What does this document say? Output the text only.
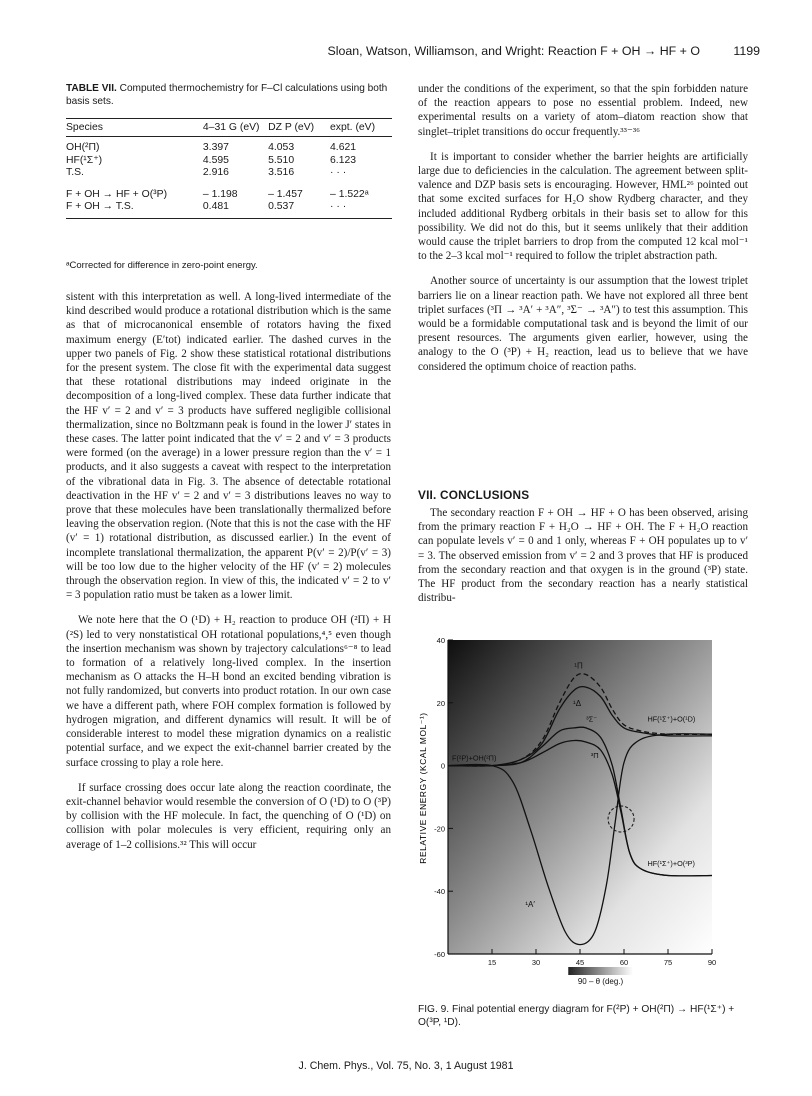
Sloan, Watson, Williamson, and Wright: Reaction F + OH → HF + O	1199
TABLE VII. Computed thermochemistry for F–Cl calculations using both basis sets.
Species	4–31 G (eV)	DZ P (eV)	expt. (eV)
OH(²Π)	3.397	4.053	4.621
HF(¹Σ⁺)	4.595	5.510	6.123
T.S.	2.916	3.516	· · ·
F + OH → HF + O(³P)	– 1.198	– 1.457	– 1.522ᵃ
F + OH → T.S.	0.481	0.537	· · ·
ᵃCorrected for difference in zero-point energy.

sistent with this interpretation as well. A long-lived intermediate of the kind described would produce a rotational distribution which is the same as that of microcanonical ensemble of rotators having the fixed maximum energy (E′tot) indicated earlier. The dashed curves in the upper two panels of Fig. 2 show these statistical rotational distributions for the present system. The close fit with the experimental data suggest that these rotational distributions may indeed originate in the decomposition of a long-lived complex. These data further indicate that the HF v′ = 2 and v′ = 3 products have suffered negligible collisional thermalization, since no Boltzmann peak is found in the lower J′ states in these cases. The latter point indicated that the v′ = 2 and v′ = 3 products were formed (on the average) in a lower pressure region than the v′ = 1 products, and it also suggests a caveat with respect to the interpretation of the vibrational data in Fig. 3. The absence of detectable rotational deactivation in the HF v′ = 2 and v′ = 3 distributions leaves no way to prove that these molecules have been translationally thermalized before leaving the observation region. (Note that this is not the case with the HF (v′ = 1) rotational distribution, as discussed earlier.) In the event of incomplete translational thermalization, the apparent P(v′ = 2)/P(v′ = 3) will be too low due to the higher velocity of the HF (v′ = 2) molecules through the observation region. In view of this, the indicated v′ = 2 to v′ = 3 population ratio must be taken as a lower limit.

We note here that the O (¹D) + H₂ reaction to produce OH (²Π) + H (²S) led to very nonstatistical OH rotational populations,⁴,⁵ even though the insertion mechanism was shown by trajectory calculations⁶⁻⁸ to lead to formation of a relatively long-lived complex. In the insertion mechanism as O attacks the H–H bond an excited bending vibration is not fully randomized, but converts into product rotation. In our own case we have a different path, where FOH complex formation is followed by hydrogen migration, and different dynamics will result. It will be of considerable interest to model these migration dynamics on a realistic potential surface, and we expect the exit-channel barrier created by the surface crossing to play a role here.

If surface crossing does occur late along the reaction coordinate, the exit-channel behavior would resemble the conversion of O (¹D) to O (³P) by collision with the HF molecule. In fact, the quenching of O (¹D) on collision with polar molecules is very efficient, requiring only an average of 1–2 collisions.³² This will occur

under the conditions of the experiment, so that the spin forbidden nature of the reaction appears to pose no essential problem. Indeed, new experimental results on a variety of atom–diatom reaction show that singlet–triplet transitions do occur frequently.³³⁻³⁶

It is important to consider whether the barrier heights are artificially large due to deficiencies in the calculation. The agreement between split-valence and DZP basis sets is encouraging. However, HML²⁶ pointed out that some excited surfaces for H₂O show Rydberg character, and they included additional Rydberg orbitals in their basis set to allow for this possibility. We did not do this, but it seems unlikely that their addition would cause the triplet barriers to drop from the computed 12 kcal mol⁻¹ to the 2–3 kcal mol⁻¹ required to follow the triplet abstraction path.

Another source of uncertainty is our assumption that the lowest triplet barriers lie on a linear reaction path. We have not explored all three bent triplet surfaces (³Π → ³A′ + ³A″, ³Σ⁻ → ³A″) to test this assumption. This would be a formidable computational task and is beyond the limit of our present resources. The arguments given earlier, however, using the analogy to the O (³P) + H₂ reaction, lead us to believe that we have considered the optimum choice of reaction paths.

VII. CONCLUSIONS

The secondary reaction F + OH → HF + O has been observed, arising from the primary reaction F + H₂O → HF + OH. The F + H₂O reaction can populate levels v′ = 0 and 1 only, whereas F + OH populates up to v′ = 3. The observed emission from v′ = 2 and 3 proves that HF is produced from the secondary reaction and that oxygen is in the ground (³P) state. The HF product from the secondary reaction has a nearly statistical distribu-

40
20
0
-20
-40
-60
15	30	45	60	75	90
90 – θ (deg.)
F(²P)+OH(²Π)
HF(¹Σ⁺)+O(¹D)
HF(¹Σ⁺)+O(³P)
¹Π
¹Δ
³Σ⁻
³Π
¹A′
RELATIVE ENERGY (KCAL MOL⁻¹)
FIG. 9. Final potential energy diagram for F(²P) + OH(²Π) → HF(¹Σ⁺) + O(³P, ¹D).
J. Chem. Phys., Vol. 75, No. 3, 1 August 1981
